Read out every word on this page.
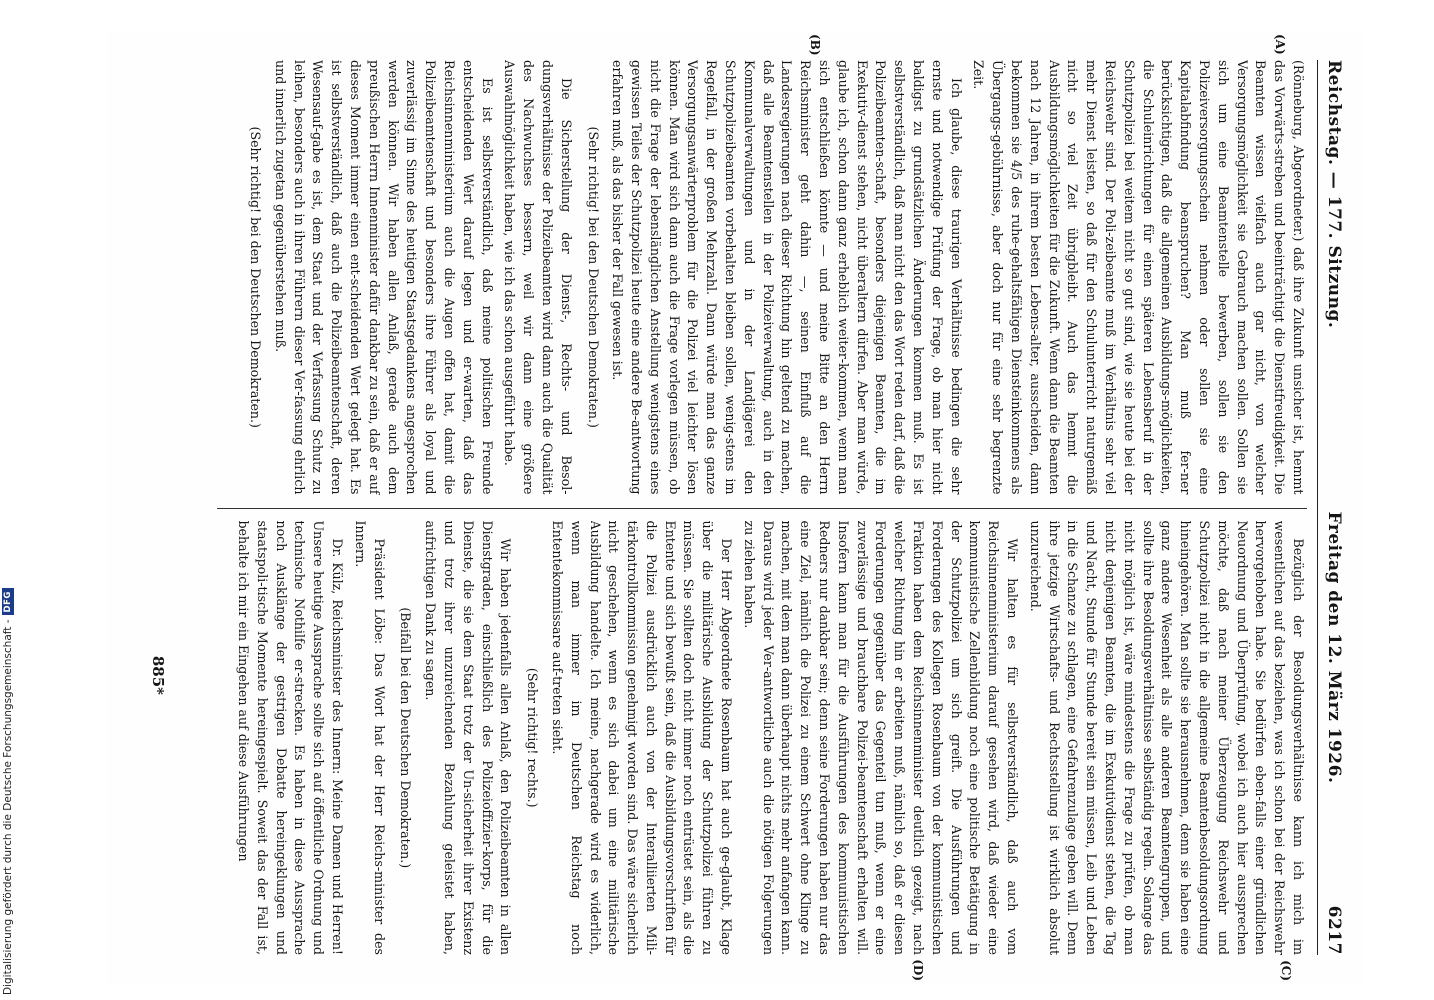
Reichstag. — 177. Sitzung.
Freitag den 12. März 1926.
6217

(Rönneburg, Abgeordneter.) daß ihre Zukunft unsicher ist, hemmt das Vorwärts-streben und beeinträchtigt die Dienstfreudigkeit. Die Beamten wissen vielfach auch gar nicht, von welcher Versorgungsmöglichkeit sie Gebrauch machen sollen. Sollen sie sich um eine Beamtenstelle bewerben, sollen sie den Polizeiversorgungsschein nehmen oder sollen sie eine Kapitalabfindung beanspruchen? Man muß fer-ner berücksichtigen, daß die allgemeinen Ausbildungs-möglichkeiten, die Schuleinrichtungen für einen späteren Lebensberuf in der Schutzpolizei bei weitem nicht so gut sind, wie sie heute bei der Reichswehr sind. Der Poli-zeibeamte muß im Verhältnis sehr viel mehr Dienst leisten, so daß für den Schulunterricht naturgemäß nicht so viel Zeit übrigbleibt. Auch das hemmt die Ausbildungsmöglichkeiten für die Zukunft. Wenn dann die Beamten nach 12 Jahren, in ihrem besten Lebens-alter, ausscheiden, dann bekommen sie 4/5 des ruhe-gehaltsfähigen Diensteinkommens als Übergangs-gebührnisse, aber doch nur für eine sehr begrenzte Zeit.

Ich glaube, diese traurigen Verhältnisse bedingen die sehr ernste und notwendige Prüfung der Frage, ob man hier nicht baldigst zu grundsätzlichen Änderungen kommen muß. Es ist selbstverständlich, daß man nicht den das Wort reden darf, daß die Polizeibeamten-schaft, besonders diejenigen Beamten, die im Exekutiv-dienst stehen, nicht überaltern dürfen. Aber man würde, glaube ich, schon dann ganz erheblich weiter-kommen, wenn man sich entschließen könnte — und meine Bitte an den Herrn Reichsminister geht dahin —, seinen Einfluß auf die Landesregierungen nach dieser Richtung hin geltend zu machen, daß alle Beamtenstellen in der Polizeiverwaltung, auch in den Kommunalverwaltungen und in der Landjägerei den Schutzpolizeibeamten vorbehalten bleiben sollen, wenig-stens im Regelfall, in der großen Mehrzahl. Dann würde man das ganze Versorgungsanwärterproblem für die Polizei viel leichter lösen können. Man wird sich dann auch die Frage vorlegen müssen, ob nicht die Frage der lebenslänglichen Anstellung wenigstens eines gewissen Teiles der Schutzpolizei heute eine andere Be-antwortung erfahren muß, als das bisher der Fall gewesen ist.

(Sehr richtig! bei den Deutschen Demokraten.)

Die Sicherstellung der Dienst-, Rechts- und Besol-dungsverhältnisse der Polizeibeamten wird dann auch die Qualität des Nachwuchses bessern, weil wir dann eine größere Auswahlmöglichkeit haben, wie ich das schon ausgeführt habe.

Es ist selbstverständlich, daß meine politischen Freunde entscheidenden Wert darauf legen und er-warten, daß das Reichsinnenministerium auch die Augen offen hat, damit die Polizeibeamtenschaft und besonders ihre Führer als loyal und zuverlässig im Sinne des heutigen Staatsgedankens angesprochen werden können. Wir haben allen Anlaß, gerade auch dem preußischen Herrn Innenminister dafür dankbar zu sein, daß er auf dieses Moment immer einen ent-scheidenden Wert gelegt hat. Es ist selbstverständlich, daß auch die Polizeibeamtenschaft, deren Wesensauf-gabe es ist, dem Staat und der Verfassung Schutz zu leihen, besonders auch in ihren Führern dieser Ver-fassung ehrlich und innerlich zugetan gegenüberstehen muß.

(Sehr richtig! bei den Deutschen Demokraten.)

Bezüglich der Besoldungsverhältnisse kann ich mich im wesentlichen auf das beziehen, was ich schon bei der Reichswehr hervorgehoben habe. Sie bedürfen eben-falls einer gründlichen Neuordnung und Überprüfung, wobei ich auch hier aussprechen möchte, daß nach meiner Überzeugung Reichswehr und Schutzpolizei nicht in die allgemeine Beamtenbesoldungsordnung hineingehören. Man sollte sie herausnehmen, denn sie haben eine ganz andere Wesenheit als alle anderen Beamtengruppen, und sollte ihre Besoldungsverhältnisse selbständig regeln. Solange das nicht möglich ist, wäre mindestens die Frage zu prüfen, ob man nicht denjenigen Beamten, die im Exekutivdienst stehen, die Tag und Nacht, Stunde für Stunde bereit sein müssen, Leib und Leben in die Schanze zu schlagen, eine Gefahrenzulage geben will. Denn ihre jetzige Wirtschafts- und Rechtsstellung ist wirklich absolut unzureichend.

Wir halten es für selbstverständlich, daß auch vom Reichsinnenministerium darauf gesehen wird, daß wieder eine kommunistische Zellenbildung noch eine politische Betätigung in der Schutzpolizei um sich greift. Die Ausführungen und Forderungen des Kollegen Rosenbaum von der kommunistischen Fraktion haben dem Reichsinnenminister deutlich gezeigt, nach welcher Richtung hin er arbeiten muß, nämlich so, daß er diesen Forderungen gegenüber das Gegenteil tun muß, wenn er eine zuverlässige und brauchbare Polizei-beamtenschaft erhalten will. Insofern kann man für die Ausführungen des kommunistischen Redners nur dankbar sein; denn seine Forderungen haben nur das eine Ziel, nämlich die Polizei zu einem Schwert ohne Klinge zu machen, mit dem man dann überhaupt nichts mehr anfangen kann. Daraus wird jeder Ver-antwortliche auch die nötigen Folgerungen zu ziehen haben.

Der Herr Abgeordnete Rosenbaum hat auch ge-glaubt, Klage über die militärische Ausbildung der Schutzpolizei führen zu müssen. Sie sollten doch nicht immer noch entrüstet sein, als die Entente und sich bewußt sein, daß die Ausbildungsvorschriften für die Polizei ausdrücklich auch von der Interalliierten Mili-tärkontrollkommission genehmigt worden sind. Das wäre sicherlich nicht geschehen, wenn es sich dabei um eine militärische Ausbildung handelte. Ich meine, nachgerade wird es widerlich, wenn man immer im Deutschen Reichstag noch Ententekommissare auf-treten sieht.

(Sehr richtig! rechts.)

Wir haben jedenfalls allen Anlaß, den Polizeibeamten in allen Dienstgraden, einschließlich des Polizeioffizier-korps, für die Dienste, die sie dem Staat trotz der Un-sicherheit ihrer Existenz und trotz ihrer unzureichenden Bezahlung geleistet haben, aufrichtigen Dank zu sagen.

(Beifall bei den Deutschen Demokraten.)

Präsident Löbe: Das Wort hat der Herr Reichs-minister des Innern.

Dr. Külz, Reichsminister des Innern: Meine Damen und Herren! Unsere heutige Aussprache sollte sich auf öffentliche Ordnung und technische Nothilfe er-strecken. Es haben in diese Aussprache noch Ausklänge der gestrigen Debatte hereingeklungen und staatspoli-tische Momente hereingespielt. Soweit das der Fall ist, behalte ich mir ein Eingehen auf diese Ausführungen

(A)
(B)
(C)
(D)
885*
Digitalisierung gefördert durch die Deutsche Forschungsgemeinschaft -
DFG
